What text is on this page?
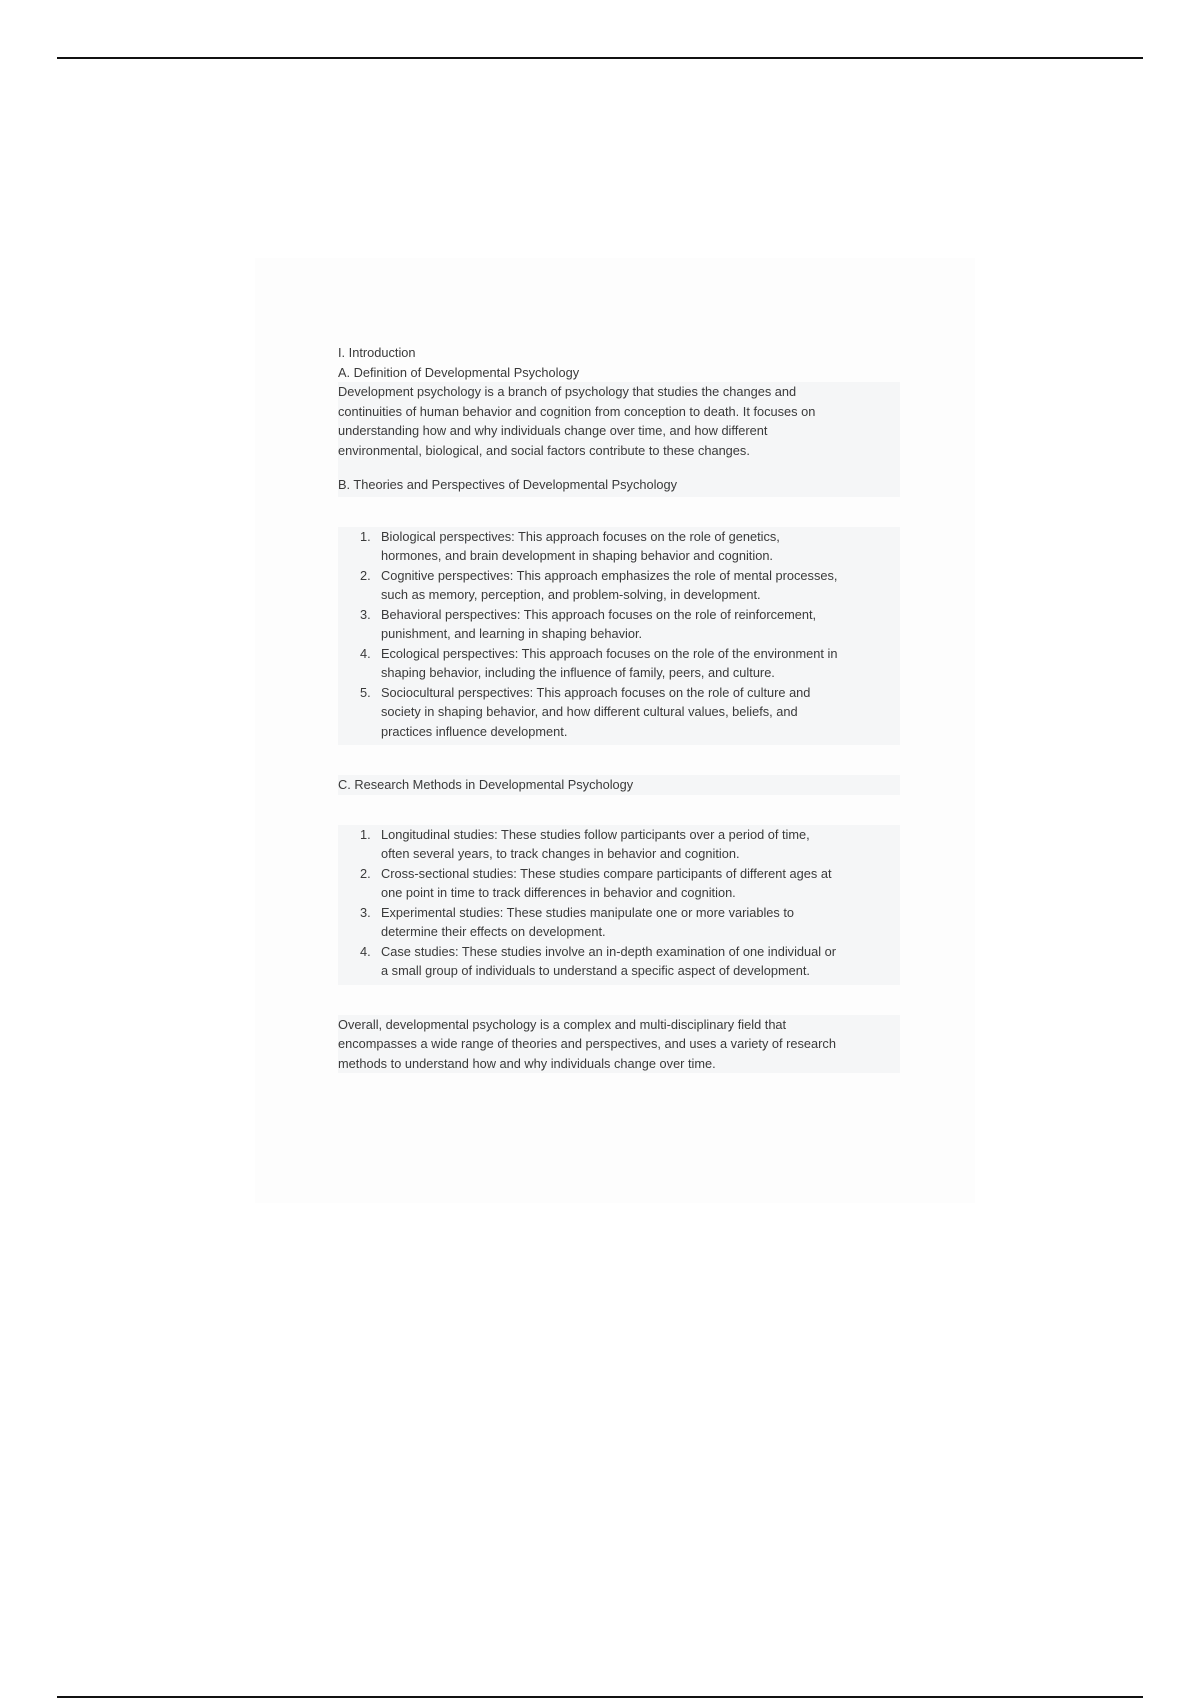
I. Introduction

A. Definition of Developmental Psychology

Development psychology is a branch of psychology that studies the changes and

continuities of human behavior and cognition from conception to death. It focuses on

understanding how and why individuals change over time, and how different

environmental, biological, and social factors contribute to these changes.

B. Theories and Perspectives of Developmental Psychology

1. Biological perspectives: This approach focuses on the role of genetics,

hormones, and brain development in shaping behavior and cognition.

2. Cognitive perspectives: This approach emphasizes the role of mental processes,

such as memory, perception, and problem-solving, in development.

3. Behavioral perspectives: This approach focuses on the role of reinforcement,

punishment, and learning in shaping behavior.

4. Ecological perspectives: This approach focuses on the role of the environment in

shaping behavior, including the influence of family, peers, and culture.

5. Sociocultural perspectives: This approach focuses on the role of culture and

society in shaping behavior, and how different cultural values, beliefs, and

practices influence development.

C. Research Methods in Developmental Psychology

1. Longitudinal studies: These studies follow participants over a period of time,

often several years, to track changes in behavior and cognition.

2. Cross-sectional studies: These studies compare participants of different ages at

one point in time to track differences in behavior and cognition.

3. Experimental studies: These studies manipulate one or more variables to

determine their effects on development.

4. Case studies: These studies involve an in-depth examination of one individual or

a small group of individuals to understand a specific aspect of development.

Overall, developmental psychology is a complex and multi-disciplinary field that

encompasses a wide range of theories and perspectives, and uses a variety of research

methods to understand how and why individuals change over time.
